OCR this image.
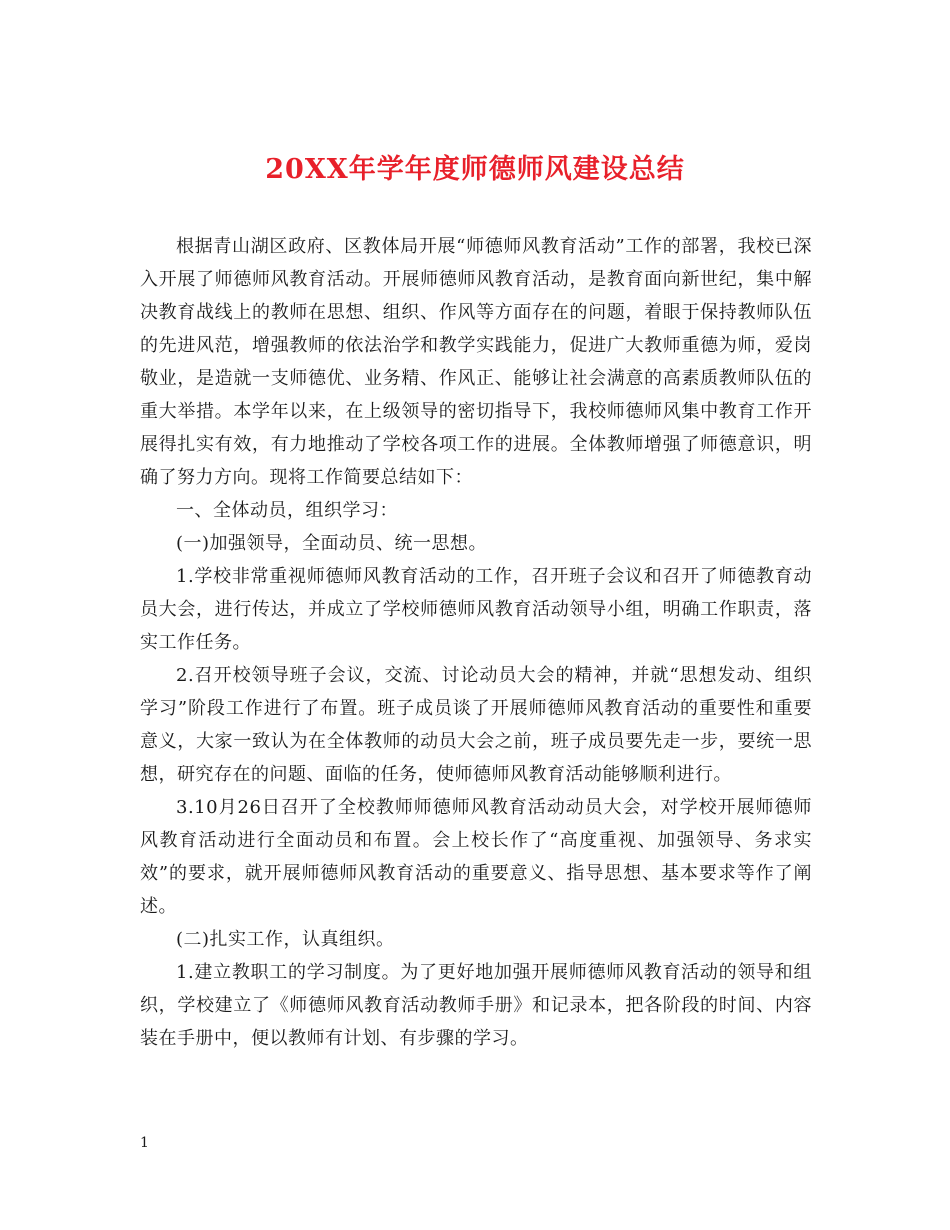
20XX年学年度师德师风建设总结

根据青山湖区政府、区教体局开展“师德师风教育活动”工作的部署，我校已深入开展了师德师风教育活动。开展师德师风教育活动，是教育面向新世纪，集中解决教育战线上的教师在思想、组织、作风等方面存在的问题，着眼于保持教师队伍的先进风范，增强教师的依法治学和教学实践能力，促进广大教师重德为师，爱岗敬业，是造就一支师德优、业务精、作风正、能够让社会满意的高素质教师队伍的重大举措。本学年以来，在上级领导的密切指导下，我校师德师风集中教育工作开展得扎实有效，有力地推动了学校各项工作的进展。全体教师增强了师德意识，明确了努力方向。现将工作简要总结如下：

一、全体动员，组织学习：

(一)加强领导，全面动员、统一思想。

1.学校非常重视师德师风教育活动的工作，召开班子会议和召开了师德教育动员大会，进行传达，并成立了学校师德师风教育活动领导小组，明确工作职责，落实工作任务。

2.召开校领导班子会议，交流、讨论动员大会的精神，并就“思想发动、组织学习”阶段工作进行了布置。班子成员谈了开展师德师风教育活动的重要性和重要意义，大家一致认为在全体教师的动员大会之前，班子成员要先走一步，要统一思想，研究存在的问题、面临的任务，使师德师风教育活动能够顺利进行。

3.10月26日召开了全校教师师德师风教育活动动员大会，对学校开展师德师风教育活动进行全面动员和布置。会上校长作了“高度重视、加强领导、务求实效”的要求，就开展师德师风教育活动的重要意义、指导思想、基本要求等作了阐述。

(二)扎实工作，认真组织。

1.建立教职工的学习制度。为了更好地加强开展师德师风教育活动的领导和组织，学校建立了《师德师风教育活动教师手册》和记录本，把各阶段的时间、内容装在手册中，便以教师有计划、有步骤的学习。

1
